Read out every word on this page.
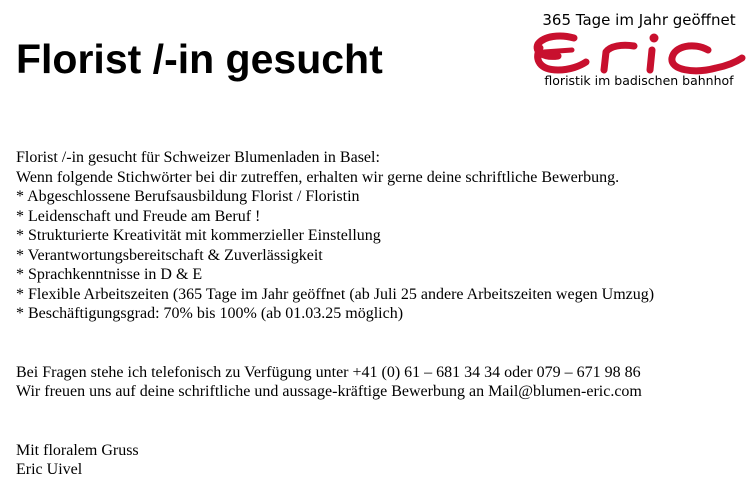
Florist /-in gesucht
365 Tage im Jahr geöffnet
floristik im badischen bahnhof
Florist /-in gesucht für Schweizer Blumenladen in Basel:
Wenn folgende Stichwörter bei dir zutreffen, erhalten wir gerne deine schriftliche Bewerbung.
* Abgeschlossene Berufsausbildung Florist / Floristin
* Leidenschaft und Freude am Beruf !
* Strukturierte Kreativität mit kommerzieller Einstellung
* Verantwortungsbereitschaft & Zuverlässigkeit
* Sprachkenntnisse in D & E
* Flexible Arbeitszeiten (365 Tage im Jahr geöffnet (ab Juli 25 andere Arbeitszeiten wegen Umzug)
* Beschäftigungsgrad: 70% bis 100% (ab 01.03.25 möglich)
Bei Fragen stehe ich telefonisch zu Verfügung unter +41 (0) 61 – 681 34 34 oder 079 – 671 98 86
Wir freuen uns auf deine schriftliche und aussage-kräftige Bewerbung an Mail@blumen-eric.com
Mit floralem Gruss
Eric Uivel
